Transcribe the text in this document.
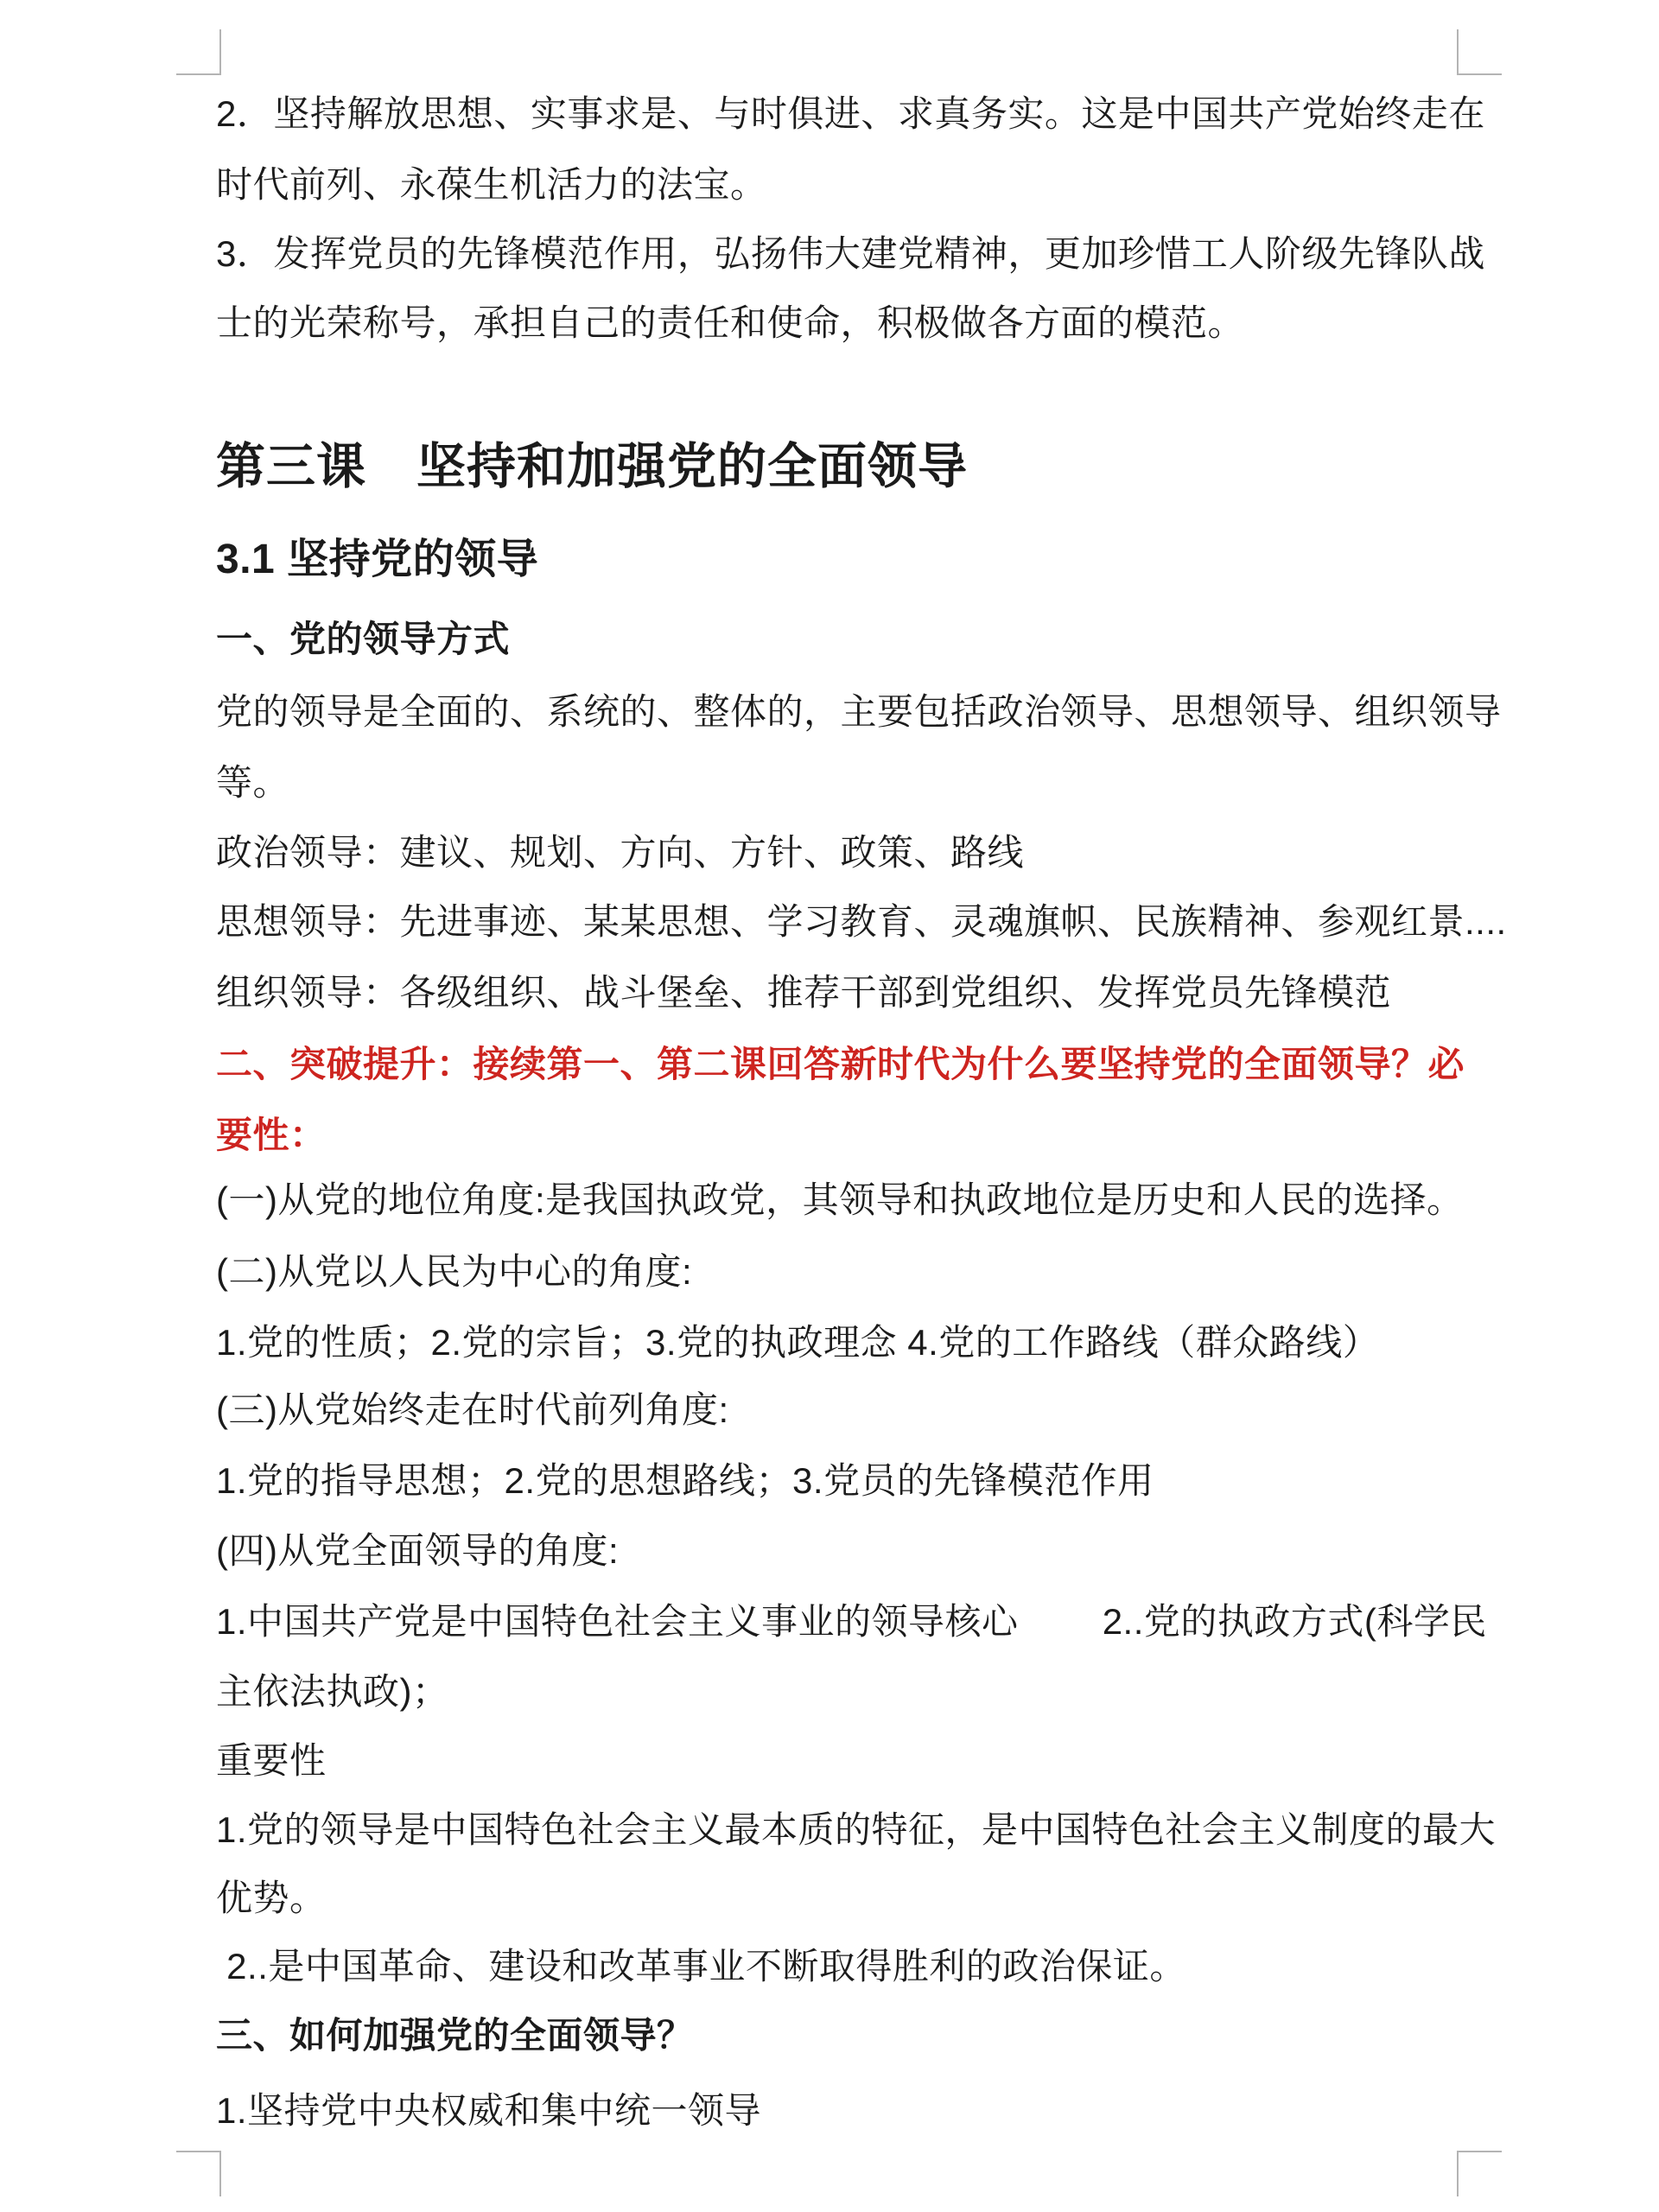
2．坚持解放思想、实事求是、与时俱进、求真务实。这是中国共产党始终走在
时代前列、永葆生机活力的法宝。
3．发挥党员的先锋模范作用，弘扬伟大建党精神，更加珍惜工人阶级先锋队战
士的光荣称号，承担自己的责任和使命，积极做各方面的模范。
第三课　坚持和加强党的全面领导
3.1 坚持党的领导
一、党的领导方式
党的领导是全面的、系统的、整体的，主要包括政治领导、思想领导、组织领导
等。
政治领导：建议、规划、方向、方针、政策、路线
思想领导：先进事迹、某某思想、学习教育、灵魂旗帜、民族精神、参观红景....
组织领导：各级组织、战斗堡垒、推荐干部到党组织、发挥党员先锋模范
二、突破提升：接续第一、第二课回答新时代为什么要坚持党的全面领导？必
要性：
(一)从党的地位角度:是我国执政党，其领导和执政地位是历史和人民的选择。
(二)从党以人民为中心的角度:
1.党的性质；2.党的宗旨；3.党的执政理念 4.党的工作路线（群众路线）
(三)从党始终走在时代前列角度:
1.党的指导思想；2.党的思想路线；3.党员的先锋模范作用
(四)从党全面领导的角度:
1.中国共产党是中国特色社会主义事业的领导核心　　 2..党的执政方式(科学民
主依法执政)；
重要性
1.党的领导是中国特色社会主义最本质的特征，是中国特色社会主义制度的最大
优势。
2..是中国革命、建设和改革事业不断取得胜利的政治保证。
三、如何加强党的全面领导？
1.坚持党中央权威和集中统一领导
